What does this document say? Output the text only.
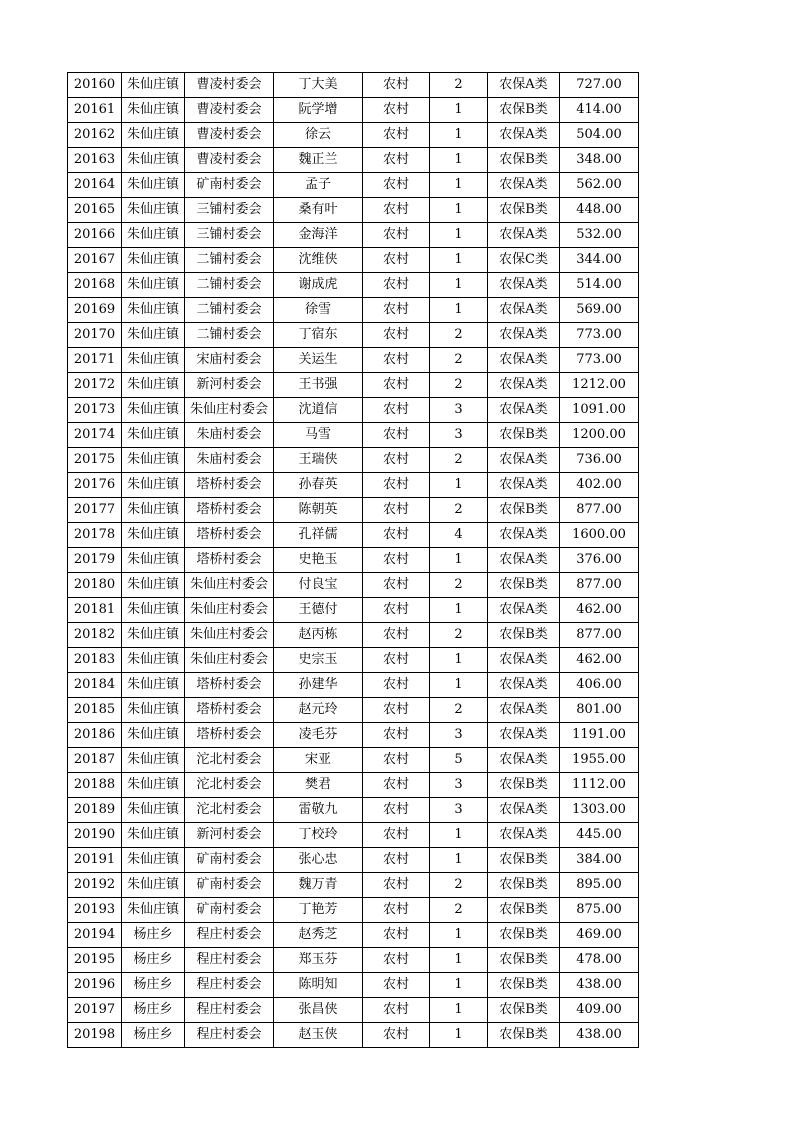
20160	朱仙庄镇	曹凌村委会	丁大美	农村	2	农保A类	727.00
20161	朱仙庄镇	曹凌村委会	阮学增	农村	1	农保B类	414.00
20162	朱仙庄镇	曹凌村委会	徐云	农村	1	农保A类	504.00
20163	朱仙庄镇	曹凌村委会	魏正兰	农村	1	农保B类	348.00
20164	朱仙庄镇	矿南村委会	孟子	农村	1	农保A类	562.00
20165	朱仙庄镇	三铺村委会	桑有叶	农村	1	农保B类	448.00
20166	朱仙庄镇	三铺村委会	金海洋	农村	1	农保A类	532.00
20167	朱仙庄镇	二铺村委会	沈维侠	农村	1	农保C类	344.00
20168	朱仙庄镇	二铺村委会	谢成虎	农村	1	农保A类	514.00
20169	朱仙庄镇	二铺村委会	徐雪	农村	1	农保A类	569.00
20170	朱仙庄镇	二铺村委会	丁宿东	农村	2	农保A类	773.00
20171	朱仙庄镇	宋庙村委会	关运生	农村	2	农保A类	773.00
20172	朱仙庄镇	新河村委会	王书强	农村	2	农保A类	1212.00
20173	朱仙庄镇	朱仙庄村委会	沈道信	农村	3	农保A类	1091.00
20174	朱仙庄镇	朱庙村委会	马雪	农村	3	农保B类	1200.00
20175	朱仙庄镇	朱庙村委会	王瑞侠	农村	2	农保A类	736.00
20176	朱仙庄镇	塔桥村委会	孙春英	农村	1	农保A类	402.00
20177	朱仙庄镇	塔桥村委会	陈朝英	农村	2	农保B类	877.00
20178	朱仙庄镇	塔桥村委会	孔祥儒	农村	4	农保A类	1600.00
20179	朱仙庄镇	塔桥村委会	史艳玉	农村	1	农保A类	376.00
20180	朱仙庄镇	朱仙庄村委会	付良宝	农村	2	农保B类	877.00
20181	朱仙庄镇	朱仙庄村委会	王德付	农村	1	农保A类	462.00
20182	朱仙庄镇	朱仙庄村委会	赵丙栋	农村	2	农保B类	877.00
20183	朱仙庄镇	朱仙庄村委会	史宗玉	农村	1	农保A类	462.00
20184	朱仙庄镇	塔桥村委会	孙建华	农村	1	农保A类	406.00
20185	朱仙庄镇	塔桥村委会	赵元玲	农村	2	农保A类	801.00
20186	朱仙庄镇	塔桥村委会	凌毛芬	农村	3	农保A类	1191.00
20187	朱仙庄镇	沱北村委会	宋亚	农村	5	农保A类	1955.00
20188	朱仙庄镇	沱北村委会	樊君	农村	3	农保B类	1112.00
20189	朱仙庄镇	沱北村委会	雷敬九	农村	3	农保A类	1303.00
20190	朱仙庄镇	新河村委会	丁校玲	农村	1	农保A类	445.00
20191	朱仙庄镇	矿南村委会	张心忠	农村	1	农保B类	384.00
20192	朱仙庄镇	矿南村委会	魏万青	农村	2	农保B类	895.00
20193	朱仙庄镇	矿南村委会	丁艳芳	农村	2	农保B类	875.00
20194	杨庄乡	程庄村委会	赵秀芝	农村	1	农保B类	469.00
20195	杨庄乡	程庄村委会	郑玉芬	农村	1	农保B类	478.00
20196	杨庄乡	程庄村委会	陈明知	农村	1	农保B类	438.00
20197	杨庄乡	程庄村委会	张昌侠	农村	1	农保B类	409.00
20198	杨庄乡	程庄村委会	赵玉侠	农村	1	农保B类	438.00
